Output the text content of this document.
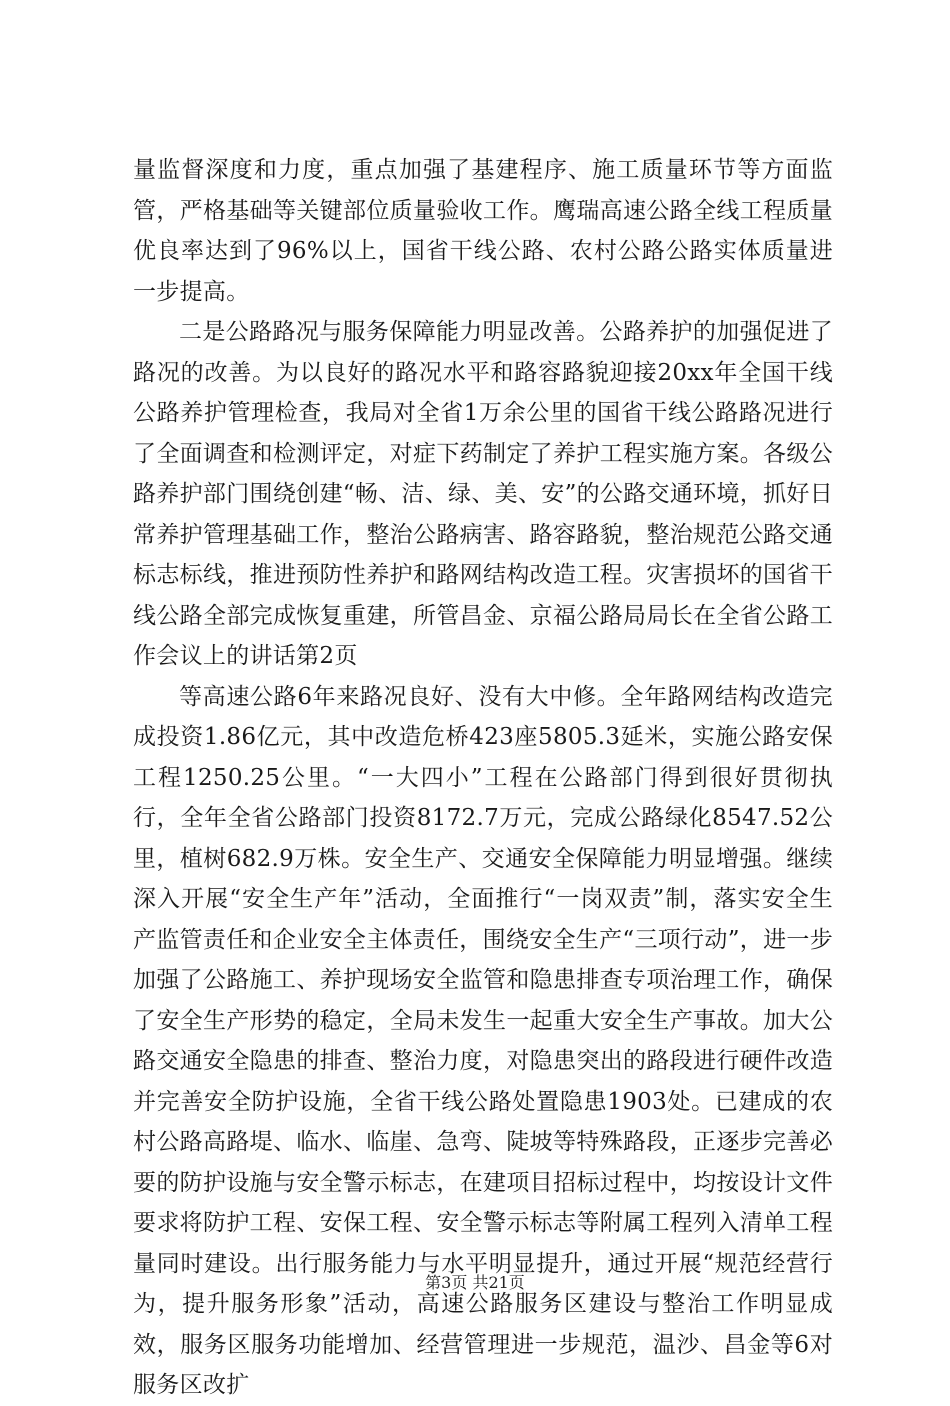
量监督深度和力度，重点加强了基建程序、施工质量环节等方面监管，严格基础等关键部位质量验收工作。鹰瑞高速公路全线工程质量优良率达到了96%以上，国省干线公路、农村公路公路实体质量进一步提高。

二是公路路况与服务保障能力明显改善。公路养护的加强促进了路况的改善。为以良好的路况水平和路容路貌迎接20xx年全国干线公路养护管理检查，我局对全省1万余公里的国省干线公路路况进行了全面调查和检测评定，对症下药制定了养护工程实施方案。各级公路养护部门围绕创建“畅、洁、绿、美、安”的公路交通环境，抓好日常养护管理基础工作，整治公路病害、路容路貌，整治规范公路交通标志标线，推进预防性养护和路网结构改造工程。灾害损坏的国省干线公路全部完成恢复重建，所管昌金、京福公路局局长在全省公路工作会议上的讲话第2页

等高速公路6年来路况良好、没有大中修。全年路网结构改造完成投资1.86亿元，其中改造危桥423座5805.3延米，实施公路安保工程1250.25公里。“一大四小”工程在公路部门得到很好贯彻执行，全年全省公路部门投资8172.7万元，完成公路绿化8547.52公里，植树682.9万株。安全生产、交通安全保障能力明显增强。继续深入开展“安全生产年”活动，全面推行“一岗双责”制，落实安全生产监管责任和企业安全主体责任，围绕安全生产“三项行动”，进一步加强了公路施工、养护现场安全监管和隐患排查专项治理工作，确保了安全生产形势的稳定，全局未发生一起重大安全生产事故。加大公路交通安全隐患的排查、整治力度，对隐患突出的路段进行硬件改造并完善安全防护设施，全省干线公路处置隐患1903处。已建成的农村公路高路堤、临水、临崖、急弯、陡坡等特殊路段，正逐步完善必要的防护设施与安全警示标志，在建项目招标过程中，均按设计文件要求将防护工程、安保工程、安全警示标志等附属工程列入清单工程量同时建设。出行服务能力与水平明显提升，通过开展“规范经营行为，提升服务形象”活动，高速公路服务区建设与整治工作明显成效，服务区服务功能增加、经营管理进一步规范，温沙、昌金等6对服务区改扩

第3页 共21页
